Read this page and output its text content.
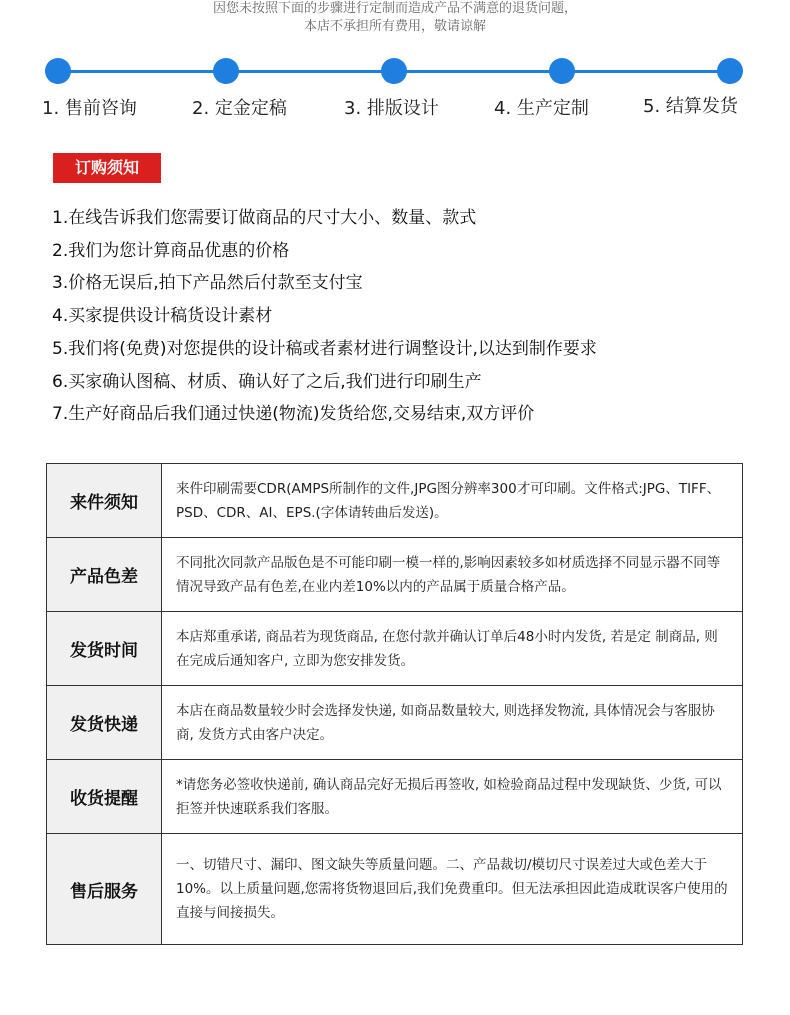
因您未按照下面的步骤进行定制而造成产品不满意的退货问题，
本店不承担所有费用，敬请谅解
1. 售前咨询	2. 定金定稿	3. 排版设计	4. 生产定制	5. 结算发货
订购须知
1.在线告诉我们您需要订做商品的尺寸大小、数量、款式
2.我们为您计算商品优惠的价格
3.价格无误后,拍下产品然后付款至支付宝
4.买家提供设计稿货设计素材
5.我们将(免费)对您提供的设计稿或者素材进行调整设计,以达到制作要求
6.买家确认图稿、材质、确认好了之后,我们进行印刷生产
7.生产好商品后我们通过快递(物流)发货给您,交易结束,双方评价
来件须知	来件印刷需要CDR(AMPS所制作的文件,JPG图分辨率300才可印刷。文件格式:JPG、TIFF、PSD、CDR、AI、EPS.(字体请转曲后发送)。
产品色差	不同批次同款产品版色是不可能印刷一模一样的,影响因素较多如材质选择不同显示器不同等情况导致产品有色差,在业内差10%以内的产品属于质量合格产品。
发货时间	本店郑重承诺, 商品若为现货商品, 在您付款并确认订单后48小时内发货, 若是定 制商品, 则在完成后通知客户, 立即为您安排发货。
发货快递	本店在商品数量较少时会选择发快递, 如商品数量较大, 则选择发物流, 具体情况会与客服协商, 发货方式由客户决定。
收货提醒	*请您务必签收快递前, 确认商品完好无损后再签收, 如检验商品过程中发现缺货、少货, 可以拒签并快速联系我们客服。
售后服务	一、切错尺寸、漏印、图文缺失等质量问题。二、产品裁切/模切尺寸误差过大或色差大于10%。以上质量问题,您需将货物退回后,我们免费重印。但无法承担因此造成耽误客户使用的直接与间接损失。
